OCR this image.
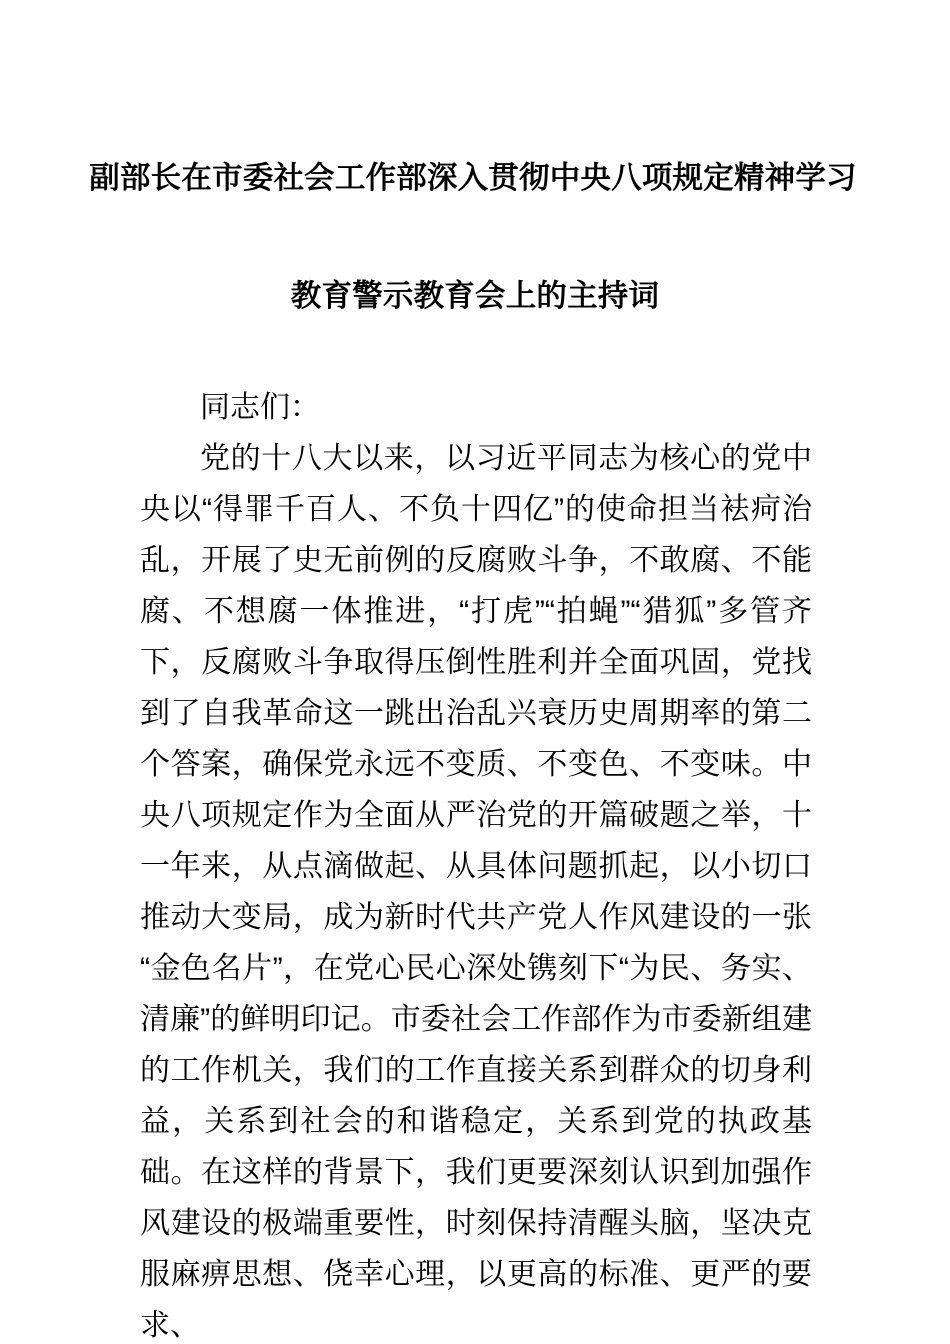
副部长在市委社会工作部深入贯彻中央八项规定精神学习
教育警示教育会上的主持词

同志们：

党的十八大以来，以习近平同志为核心的党中央以“得罪千百人、不负十四亿”的使命担当袪疴治乱，开展了史无前例的反腐败斗争，不敢腐、不能腐、不想腐一体推进，“打虎”“拍蝇”“猎狐”多管齐下，反腐败斗争取得压倒性胜利并全面巩固，党找到了自我革命这一跳出治乱兴衰历史周期率的第二个答案，确保党永远不变质、不变色、不变味。中央八项规定作为全面从严治党的开篇破题之举，十一年来，从点滴做起、从具体问题抓起，以小切口推动大变局，成为新时代共产党人作风建设的一张“金色名片”，在党心民心深处镌刻下“为民、务实、清廉”的鲜明印记。市委社会工作部作为市委新组建的工作机关，我们的工作直接关系到群众的切身利益，关系到社会的和谐稳定，关系到党的执政基础。在这样的背景下，我们更要深刻认识到加强作风建设的极端重要性，时刻保持清醒头脑，坚决克服麻痹思想、侥幸心理，以更高的标准、更严的要求、
